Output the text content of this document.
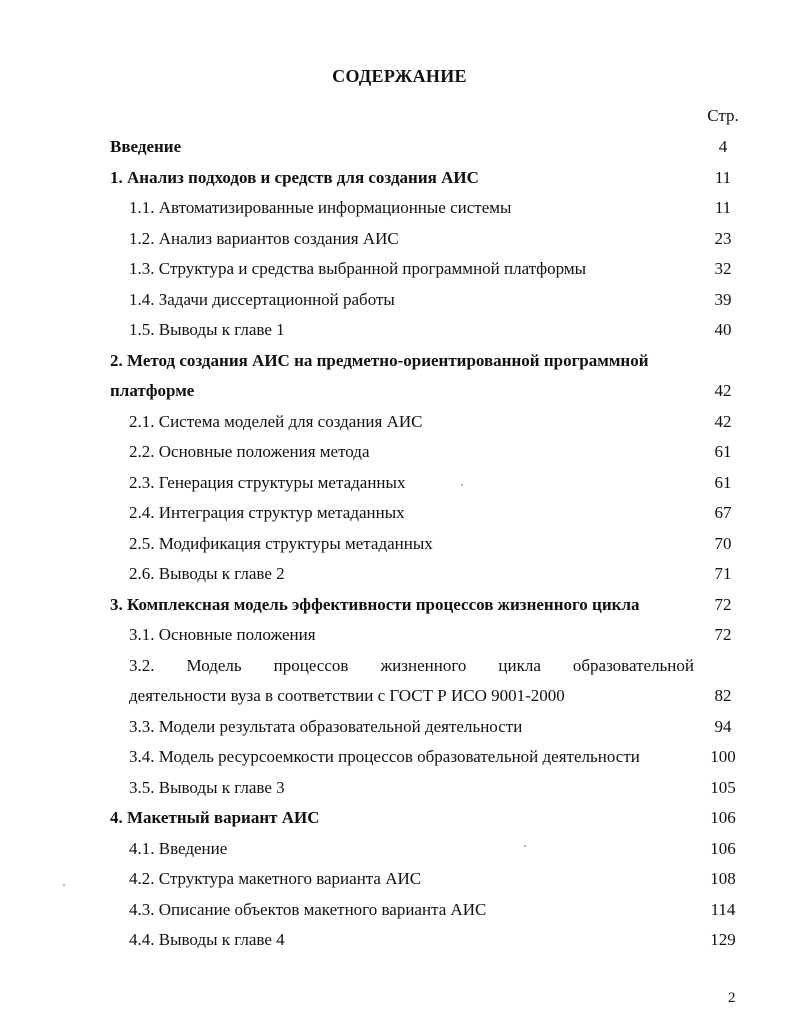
СОДЕРЖАНИЕ
Стр.
Введение	4
1. Анализ подходов и средств для создания АИС	11
1.1. Автоматизированные информационные системы	11
1.2. Анализ вариантов создания АИС	23
1.3. Структура и средства выбранной программной платформы	32
1.4. Задачи диссертационной работы	39
1.5. Выводы к главе 1	40
2. Метод создания АИС на предметно-ориентированной программной
платформе	42
2.1. Система моделей для создания АИС	42
2.2. Основные положения метода	61
2.3. Генерация структуры метаданных	61
2.4. Интеграция структур метаданных	67
2.5. Модификация структуры метаданных	70
2.6. Выводы к главе 2	71
3. Комплексная модель эффективности процессов жизненного цикла	72
3.1. Основные положения	72
3.2. Модель процессов жизненного цикла образовательной
деятельности вуза в соответствии с ГОСТ Р ИСО 9001-2000	82
3.3. Модели результата образовательной деятельности	94
3.4. Модель ресурсоемкости процессов образовательной деятельности	100
3.5. Выводы к главе 3	105
4. Макетный вариант АИС	106
4.1. Введение	106
4.2. Структура макетного варианта АИС	108
4.3. Описание объектов макетного варианта АИС	114
4.4. Выводы к главе 4	129
2
